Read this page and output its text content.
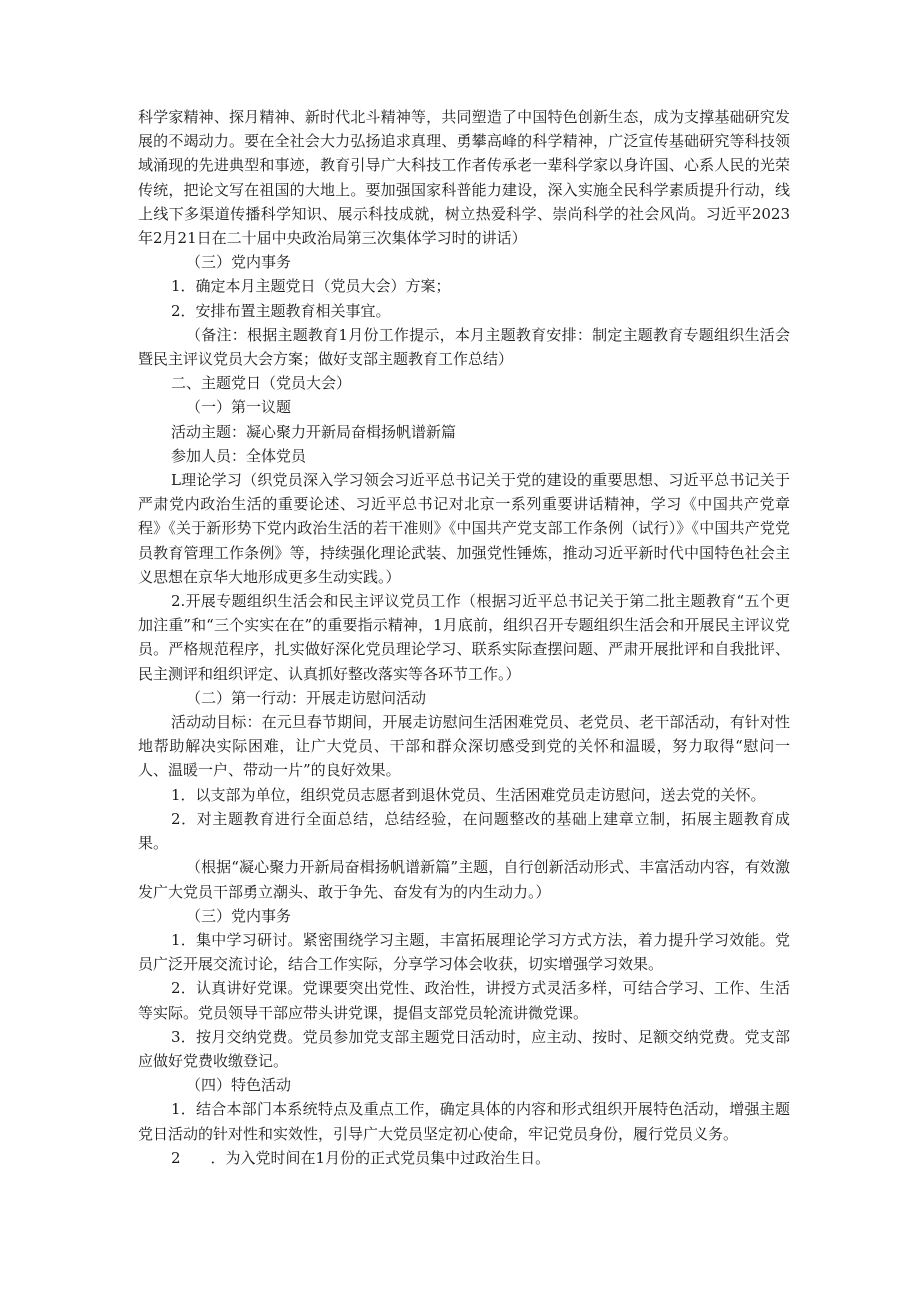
科学家精神、探月精神、新时代北斗精神等，共同塑造了中国特色创新生态，成为支撑基础研究发展的不竭动力。要在全社会大力弘扬追求真理、勇攀高峰的科学精神，广泛宣传基础研究等科技领域涌现的先进典型和事迹，教育引导广大科技工作者传承老一辈科学家以身许国、心系人民的光荣传统，把论文写在祖国的大地上。要加强国家科普能力建设，深入实施全民科学素质提升行动，线上线下多渠道传播科学知识、展示科技成就，树立热爱科学、崇尚科学的社会风尚。习近平2023年2月21日在二十届中央政治局第三次集体学习时的讲话）

（三）党内事务

1．确定本月主题党日（党员大会）方案；

2．安排布置主题教育相关事宜。

（备注：根据主题教育1月份工作提示，本月主题教育安排：制定主题教育专题组织生活会暨民主评议党员大会方案；做好支部主题教育工作总结）

二、主题党日（党员大会）

（一）第一议题

活动主题：凝心聚力开新局奋楫扬帆谱新篇

参加人员：全体党员

L理论学习（织党员深入学习领会习近平总书记关于党的建设的重要思想、习近平总书记关于严肃党内政治生活的重要论述、习近平总书记对北京一系列重要讲话精神，学习《中国共产党章程》《关于新形势下党内政治生活的若干准则》《中国共产党支部工作条例（试行）》《中国共产党党员教育管理工作条例》等，持续强化理论武装、加强党性锤炼，推动习近平新时代中国特色社会主义思想在京华大地形成更多生动实践。）

2.开展专题组织生活会和民主评议党员工作（根据习近平总书记关于第二批主题教育“五个更加注重”和“三个实实在在”的重要指示精神，1月底前，组织召开专题组织生活会和开展民主评议党员。严格规范程序，扎实做好深化党员理论学习、联系实际查摆问题、严肃开展批评和自我批评、民主测评和组织评定、认真抓好整改落实等各环节工作。）

（二）第一行动：开展走访慰问活动

活动动目标：在元旦春节期间，开展走访慰问生活困难党员、老党员、老干部活动，有针对性地帮助解决实际困难，让广大党员、干部和群众深切感受到党的关怀和温暖，努力取得“慰问一人、温暖一户、带动一片”的良好效果。

1．以支部为单位，组织党员志愿者到退休党员、生活困难党员走访慰问，送去党的关怀。

2．对主题教育进行全面总结，总结经验，在问题整改的基础上建章立制，拓展主题教育成果。

（根据“凝心聚力开新局奋楫扬帆谱新篇”主题，自行创新活动形式、丰富活动内容，有效激发广大党员干部勇立潮头、敢于争先、奋发有为的内生动力。）

（三）党内事务

1．集中学习研讨。紧密围绕学习主题，丰富拓展理论学习方式方法，着力提升学习效能。党员广泛开展交流讨论，结合工作实际，分享学习体会收获，切实增强学习效果。

2．认真讲好党课。党课要突出党性、政治性，讲授方式灵活多样，可结合学习、工作、生活等实际。党员领导干部应带头讲党课，提倡支部党员轮流讲微党课。

3．按月交纳党费。党员参加党支部主题党日活动时，应主动、按时、足额交纳党费。党支部应做好党费收缴登记。

（四）特色活动

1．结合本部门本系统特点及重点工作，确定具体的内容和形式组织开展特色活动，增强主题党日活动的针对性和实效性，引导广大党员坚定初心使命，牢记党员身份，履行党员义务。

2　　．为入党时间在1月份的正式党员集中过政治生日。
